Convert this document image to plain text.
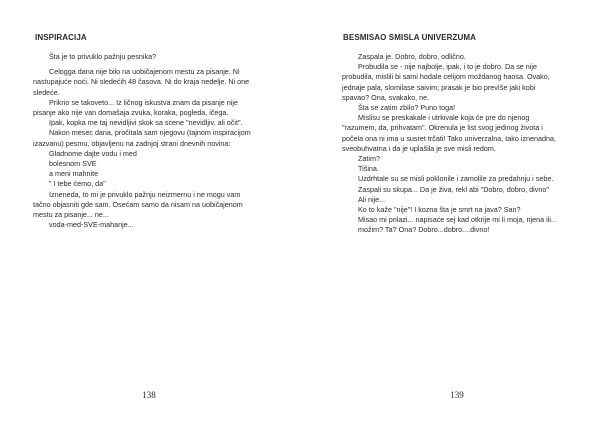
INSPIRACIJA
Šta je to privuklo pažnju pesnika?
Celogga dana nije bilo na uobičajenom mestu za pisanje. Ni
nastupajuće noći. Ni sledećih 48 časova. Ni do kraja nedelje. Ni one
sledeće.
Prikrio se takoveto... Iz ličnog iskustva znam da pisanje nije
pisanje ako nije van domašaja zvuka, koraka, pogleda, ičega.
Ipak, kopka me taj nevidljivi skok sa scene "nevidljiv, ali očit".
Nakon mesec dana, pročitala sam njegovu (tajnom inspiracijom
izazvanu) pesmu, objavljenu na zadnjoj strani dnevnih novina:
Gladnome dajte vodu i med
bolesnom SVE
a meni mahnite
" I tebe ćemo, da"
Izneneda, to mi je privuklo pažnju neizmernu i ne mogu vam
tačno objasniti gde sam. Osećam samo da nisam na uobičajenom
mestu za pisanje... ne...
voda-med-SVE-mahanje...
138
BESMISAO SMISLA UNIVERZUMA
Zaspala je. Dobro, dobro, odlično.
Probudila se - nije najbolje, ipak, i to je dobro. Da se nije
probudila, mislili bi sami hodale celijom moždanog haosa. Ovako,
jednaje pala, slomilase saivim; prasak je bio prevìše jaki kobi
spavao? Ona, svakako, ne.
Šta se zatim zbilo? Puno toga!
Mislisu se preskakale i utrkivale koja će pre do njenog
"razumem, da, prihvatam". Okrenula je list svog jedinog života i
počela ona ni ima u susret trčati! Tako univerzalna, tako iznenadna,
sveobuhvatna i da je uplašila je sve misli redom.
Zatim?
Tišina.
Uzdrhtale su se misli poklonile i zamolile za predahnju i sebe.
Zaspali su skupa... Da je živa, rekl abi "Dobro, dobro, divno"
Ali nije...
Ko to kaže "nije"! I kozna šta je smrt na java? San?
Misao mi prilazi... napisaće sej kad otkrije mi li moja, njena ili...
možim? Ta? Ona? Dobro...dobro....divno!
139
